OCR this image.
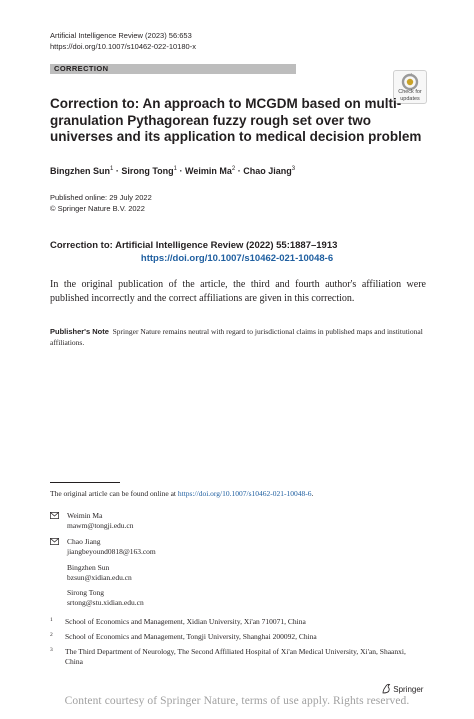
Artificial Intelligence Review (2023) 56:653
https://doi.org/10.1007/s10462-022-10180-x
CORRECTION
Check for
updates
Correction to: An approach to MCGDM based on multi-granulation Pythagorean fuzzy rough set over two universes and its application to medical decision problem
Bingzhen Sun$^1$ · Sirong Tong$^1$ · Weimin $Ma^2$ · Chao Jiang$^3$
Published online: 29 July 2022
© Springer Nature B.V. 2022
Correction to: Artificial Intelligence Review (2022) 55:1887–1913
https://doi.org/10.1007/s10462-021-10048-6
In the original publication of the article, the third and fourth author's affiliation were published incorrectly and the correct affiliations are given in this correction.
Publisher's Note Springer Nature remains neutral with regard to jurisdictional claims in published maps and institutional affiliations.
The original article can be found online at https://doi.org/10.1007/s10462-021-10048-6.
Weimin Ma
mawm@tongji.edu.cn
Chao Jiang
jiangbeyound0818@163.com
Bingzhen Sun
bzsun@xidian.edu.cn
Sirong Tong
srtong@stu.xidian.edu.cn
1 School of Economics and Management, Xidian University, Xi'an 710071, China
2 School of Economics and Management, Tongji University, Shanghai 200092, China
3 The Third Department of Neurology, The Second Affiliated Hospital of Xi'an Medical University, Xi'an, Shaanxi, China
Springer
Content courtesy of Springer Nature, terms of use apply. Rights reserved.
